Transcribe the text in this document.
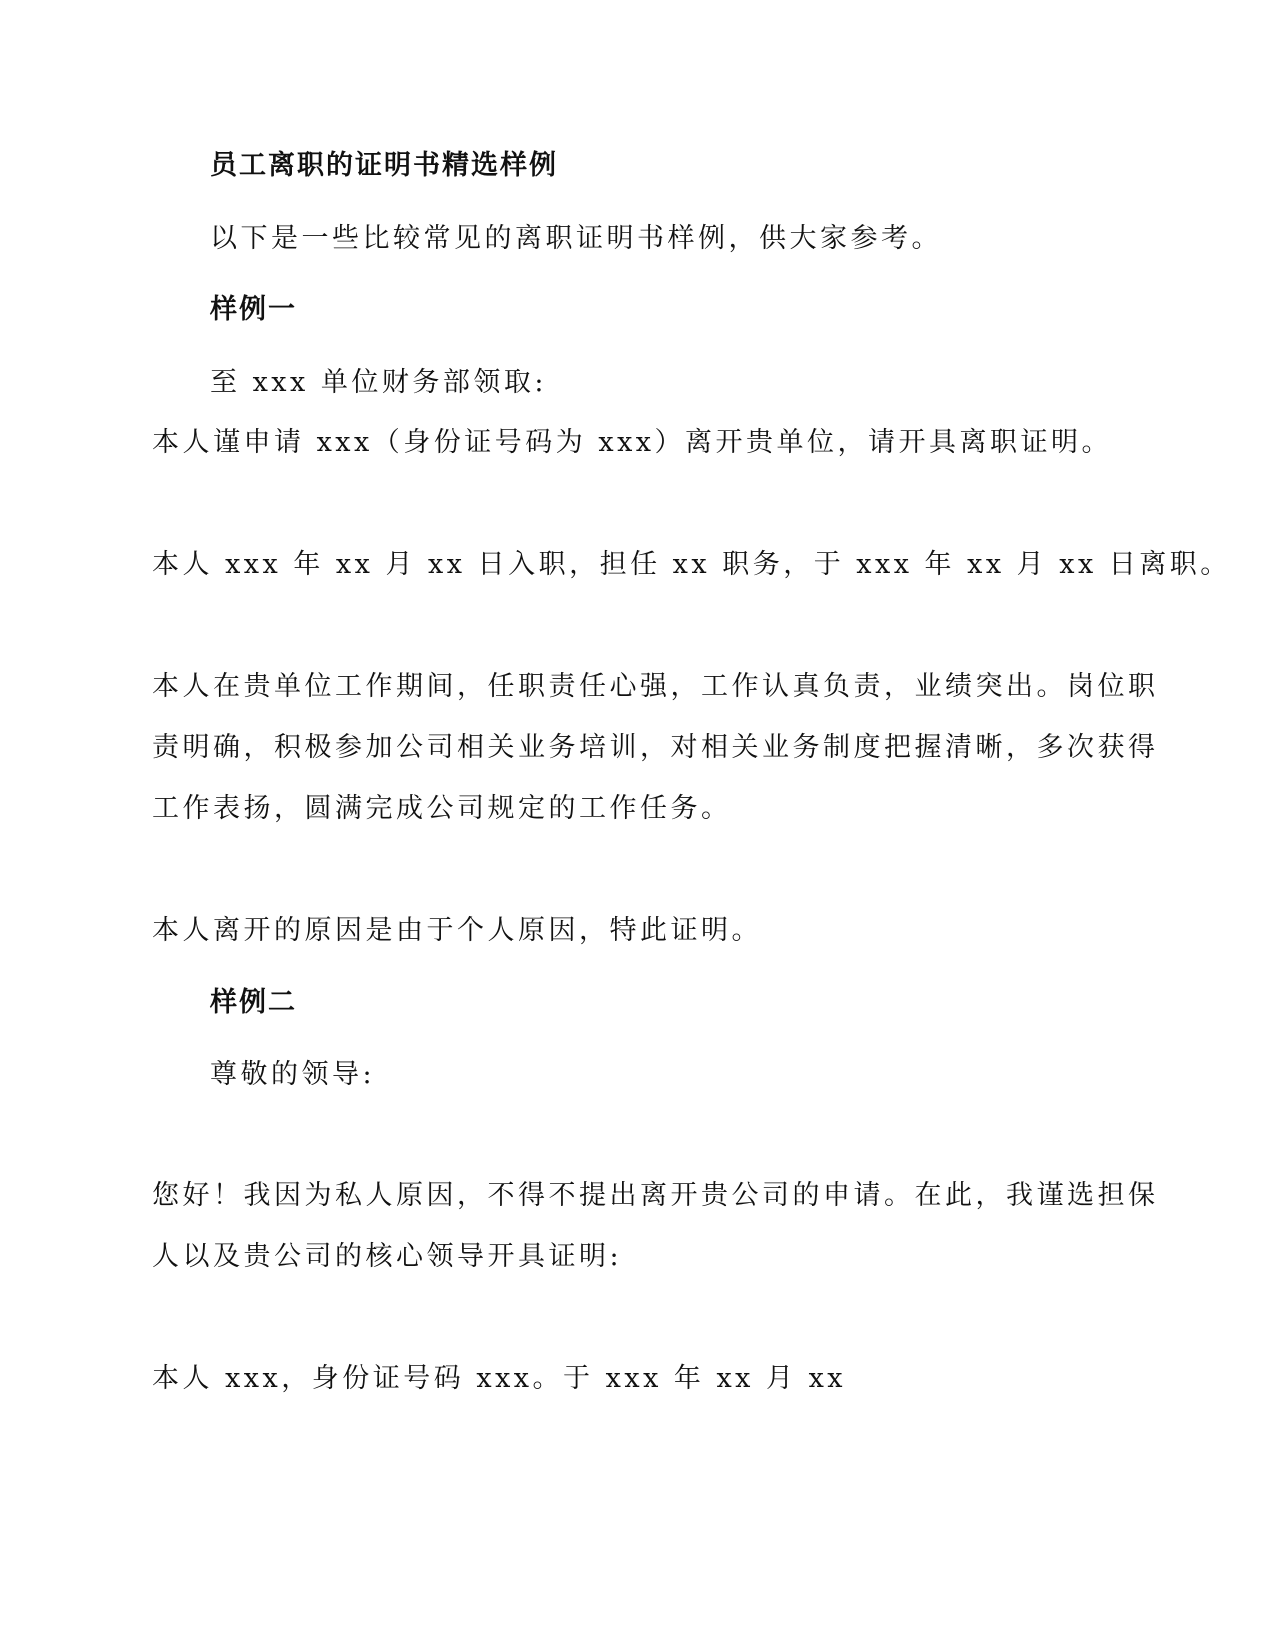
员工离职的证明书精选样例
以下是一些比较常见的离职证明书样例，供大家参考。
样例一
至 xxx 单位财务部领取:
本人谨申请 xxx（身份证号码为 xxx）离开贵单位，请开具离职证明。
本人 xxx 年 xx 月 xx 日入职，担任 xx 职务，于 xxx 年 xx 月 xx 日离职。
本人在贵单位工作期间，任职责任心强，工作认真负责，业绩突出。岗位职
责明确，积极参加公司相关业务培训，对相关业务制度把握清晰，多次获得
工作表扬，圆满完成公司规定的工作任务。
本人离开的原因是由于个人原因，特此证明。
样例二
尊敬的领导:
您好！我因为私人原因，不得不提出离开贵公司的申请。在此，我谨选担保
人以及贵公司的核心领导开具证明:
本人 xxx，身份证号码 xxx。于 xxx 年 xx 月 xx
